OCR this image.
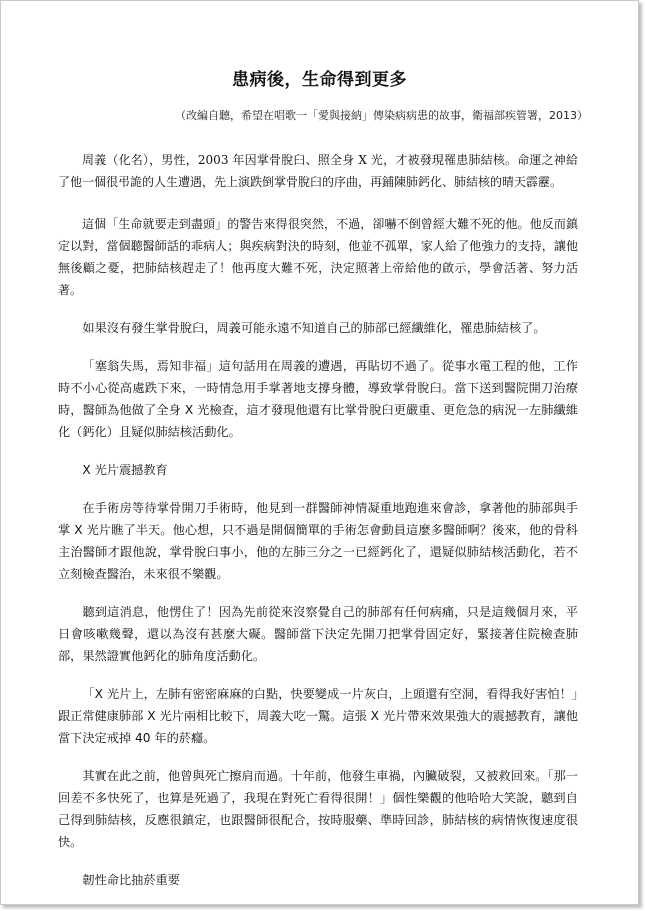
患病後，生命得到更多
（改編自聽，希望在唱歌一「愛與接納」傳染病病患的故事，衛福部疾管署，2013）

周義（化名），男性，2003 年因掌骨脫臼、照全身 X 光，才被發現罹患肺結核。命運之神給了他一個很弔詭的人生遭遇，先上演跌倒掌骨脫臼的序曲，再鋪陳肺鈣化、肺結核的晴天霹靂。

這個「生命就要走到盡頭」的警告來得很突然，不過，卻嚇不倒曾經大難不死的他。他反而鎮定以對，當個聽醫師話的乖病人；與疾病對決的時刻，他並不孤單，家人給了他強力的支持，讓他無後顧之憂，把肺結核趕走了！他再度大難不死，決定照著上帝給他的啟示，學會活著、努力活著。

如果沒有發生掌骨脫臼，周義可能永遠不知道自己的肺部已經纖維化，罹患肺結核了。

「塞翁失馬，焉知非福」這句話用在周義的遭遇，再貼切不過了。從事水電工程的他，工作時不小心從高處跌下來，一時情急用手掌著地支撐身體，導致掌骨脫臼。當下送到醫院開刀治療時，醫師為他做了全身 X 光檢查，這才發現他還有比掌骨脫臼更嚴重、更危急的病況一左肺纖維化（鈣化）且疑似肺結核活動化。

X 光片震撼教育

在手術房等待掌骨開刀手術時，他見到一群醫師神情凝重地跑進來會診，拿著他的肺部與手掌 X 光片瞧了半天。他心想，只不過是開個簡單的手術怎會動員這麼多醫師啊？後來，他的骨科主治醫師才跟他說，掌骨脫臼事小，他的左肺三分之一已經鈣化了，還疑似肺結核活動化，若不立刻檢查醫治，未來很不樂觀。

聽到這消息，他愣住了！因為先前從來沒察覺自己的肺部有任何病痛，只是這幾個月來，平日會咳嗽幾聲，還以為沒有甚麼大礙。醫師當下決定先開刀把掌骨固定好，緊接著住院檢查肺部，果然證實他鈣化的肺角度活動化。

「X 光片上，左肺有密密麻麻的白點，快要變成一片灰白，上頭還有空洞，看得我好害怕！」跟正常健康肺部 X 光片兩相比較下，周義大吃一驚。這張 X 光片帶來效果強大的震撼教育，讓他當下決定戒掉 40 年的菸癮。

其實在此之前，他曾與死亡擦肩而過。十年前，他發生車禍，內臟破裂，又被救回來。「那一回差不多快死了，也算是死過了，我現在對死亡看得很開！」個性樂觀的他哈哈大笑說，聽到自己得到肺結核，反應很鎮定，也跟醫師很配合，按時服藥、準時回診，肺結核的病情恢復速度很快。

韌性命比抽菸重要
